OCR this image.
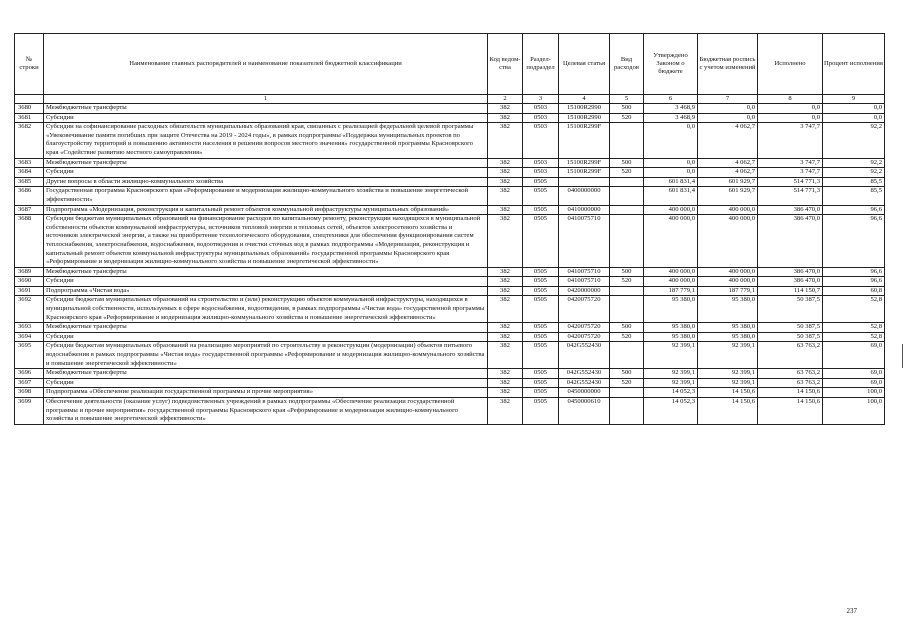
№ строки	Наименование главных распорядителей и наименование показателей бюджетной классификации	Код ведом-ства	Раздел-подраздел	Целевая статья	Вид расходов	Утверждено Законом о бюджете	Бюджетная роспись с учетом изменений	Исполнено	Процент исполнения
	1	2	3	4	5	6	7	8	9
3680	Межбюджетные трансферты	382	0503	15100R2990	500	3 468,9	0,0	0,0	0,0
3681	Субсидии	382	0503	15100R2990	520	3 468,9	0,0	0,0	0,0
3682	Субсидии на софинансирование расходных обязательств муниципальных образований края, связанных с реализацией федеральной целевой программы «Увековечивание памяти погибших при защите Отечества на 2019 - 2024 годы», в рамках подпрограммы «Поддержка муниципальных проектов по благоустройству территорий и повышению активности населения в решении вопросов местного значения» государственной программы Красноярского края «Содействие развитию местного самоуправления»	382	0503	15100R299F		0,0	4 062,7	3 747,7	92,2
3683	Межбюджетные трансферты	382	0503	15100R299F	500	0,0	4 062,7	3 747,7	92,2
3684	Субсидии	382	0503	15100R299F	520	0,0	4 062,7	3 747,7	92,2
3685	Другие вопросы в области жилищно-коммунального хозяйства	382	0505			601 831,4	601 929,7	514 771,3	85,5
3686	Государственная программа Красноярского края «Реформирование и модернизация жилищно-коммунального хозяйства и повышение энергетической эффективности»	382	0505	0400000000		601 831,4	601 929,7	514 771,3	85,5
3687	Подпрограмма «Модернизация, реконструкция и капитальный ремонт объектов коммунальной инфраструктуры муниципальных образований»	382	0505	0410000000		400 000,0	400 000,0	386 470,0	96,6
3688	Субсидии бюджетам муниципальных образований на финансирование расходов по капитальному ремонту, реконструкции находящихся в муниципальной собственности объектов коммунальной инфраструктуры, источников тепловой энергии и тепловых сетей, объектов электросетевого хозяйства и источников электрической энергии, а также на приобретение технологического оборудования, спецтехники для обеспечения функционирования систем теплоснабжения, электроснабжения, водоснабжения, водоотведения и очистки сточных вод в рамках подпрограммы «Модернизация, реконструкция и капитальный ремонт объектов коммунальной инфраструктуры муниципальных образований» государственной программы Красноярского края «Реформирование и модернизация жилищно-коммунального хозяйства и повышение энергетической эффективности»	382	0505	0410075710		400 000,0	400 000,0	386 470,0	96,6
3689	Межбюджетные трансферты	382	0505	0410075710	500	400 000,0	400 000,0	386 470,0	96,6
3690	Субсидии	382	0505	0410075710	520	400 000,0	400 000,0	386 470,0	96,6
3691	Подпрограмма «Чистая вода»	382	0505	0420000000		187 779,1	187 779,1	114 150,7	60,8
3692	Субсидии бюджетам муниципальных образований на строительство и (или) реконструкцию объектов коммунальной инфраструктуры, находящихся в муниципальной собственности, используемых в сфере водоснабжения, водоотведения, в рамках подпрограммы «Чистая вода» государственной программы Красноярского края «Реформирование и модернизация жилищно-коммунального хозяйства и повышение энергетической эффективности»	382	0505	0420075720		95 380,0	95 380,0	50 387,5	52,8
3693	Межбюджетные трансферты	382	0505	0420075720	500	95 380,0	95 380,0	50 387,5	52,8
3694	Субсидии	382	0505	0420075720	520	95 380,0	95 380,0	50 387,5	52,8
3695	Субсидии бюджетам муниципальных образований на реализацию мероприятий по строительству и реконструкции (модернизации) объектов питьевого водоснабжения в рамках подпрограммы «Чистая вода» государственной программы «Реформирование и модернизация жилищно-коммунального хозяйства и повышение энергетической эффективности»	382	0505	042G552430		92 399,1	92 399,1	63 763,2	69,0
3696	Межбюджетные трансферты	382	0505	042G552430	500	92 399,1	92 399,1	63 763,2	69,0
3697	Субсидии	382	0505	042G552430	520	92 399,1	92 399,1	63 763,2	69,0
3698	Подпрограмма «Обеспечение реализации государственной программы и прочие мероприятия»	382	0505	0450000000		14 052,3	14 150,6	14 150,6	100,0
3699	Обеспечение деятельности (оказание услуг) подведомственных учреждений в рамках подпрограммы «Обеспечение реализации государственной программы и прочие мероприятия» государственной программы Красноярского края «Реформирование и модернизация жилищно-коммунального хозяйства и повышение энергетической эффективности»	382	0505	0450000610		14 052,3	14 150,6	14 150,6	100,0
237
